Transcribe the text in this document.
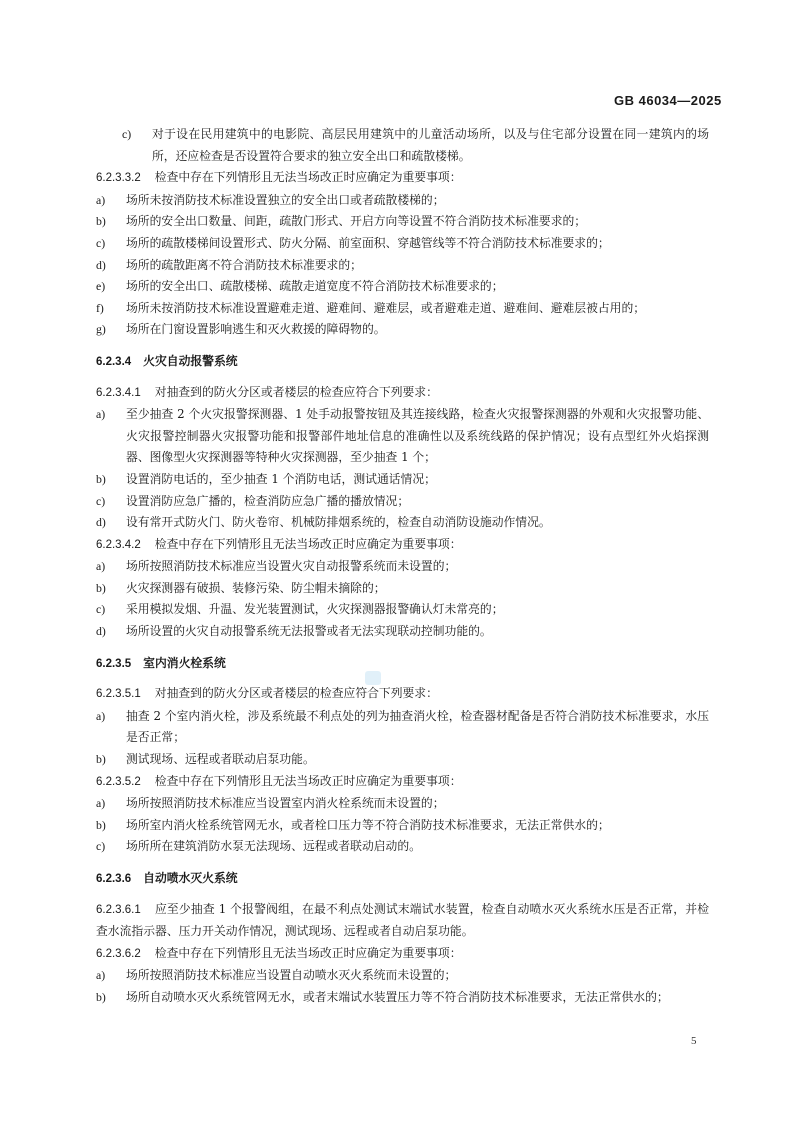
GB 46034—2025
c)	对于设在民用建筑中的电影院、高层民用建筑中的儿童活动场所，以及与住宅部分设置在同一建筑内的场所，还应检查是否设置符合要求的独立安全出口和疏散楼梯。
6.2.3.3.2 检查中存在下列情形且无法当场改正时应确定为重要事项：
a)	场所未按消防技术标准设置独立的安全出口或者疏散楼梯的；
b)	场所的安全出口数量、间距，疏散门形式、开启方向等设置不符合消防技术标准要求的；
c)	场所的疏散楼梯间设置形式、防火分隔、前室面积、穿越管线等不符合消防技术标准要求的；
d)	场所的疏散距离不符合消防技术标准要求的；
e)	场所的安全出口、疏散楼梯、疏散走道宽度不符合消防技术标准要求的；
f)	场所未按消防技术标准设置避难走道、避难间、避难层，或者避难走道、避难间、避难层被占用的；
g)	场所在门窗设置影响逃生和灭火救援的障碍物的。
6.2.3.4 火灾自动报警系统
6.2.3.4.1 对抽查到的防火分区或者楼层的检查应符合下列要求：
a)	至少抽查 2 个火灾报警探测器、1 处手动报警按钮及其连接线路，检查火灾报警探测器的外观和火灾报警功能、火灾报警控制器火灾报警功能和报警部件地址信息的准确性以及系统线路的保护情况；设有点型红外火焰探测器、图像型火灾探测器等特种火灾探测器，至少抽查 1 个；
b)	设置消防电话的，至少抽查 1 个消防电话，测试通话情况；
c)	设置消防应急广播的，检查消防应急广播的播放情况；
d)	设有常开式防火门、防火卷帘、机械防排烟系统的，检查自动消防设施动作情况。
6.2.3.4.2 检查中存在下列情形且无法当场改正时应确定为重要事项：
a)	场所按照消防技术标准应当设置火灾自动报警系统而未设置的；
b)	火灾探测器有破损、装修污染、防尘帽未摘除的；
c)	采用模拟发烟、升温、发光装置测试，火灾探测器报警确认灯未常亮的；
d)	场所设置的火灾自动报警系统无法报警或者无法实现联动控制功能的。
6.2.3.5 室内消火栓系统
6.2.3.5.1 对抽查到的防火分区或者楼层的检查应符合下列要求：
a)	抽查 2 个室内消火栓，涉及系统最不利点处的列为抽查消火栓，检查器材配备是否符合消防技术标准要求，水压是否正常；
b)	测试现场、远程或者联动启泵功能。
6.2.3.5.2 检查中存在下列情形且无法当场改正时应确定为重要事项：
a)	场所按照消防技术标准应当设置室内消火栓系统而未设置的；
b)	场所室内消火栓系统管网无水，或者栓口压力等不符合消防技术标准要求，无法正常供水的；
c)	场所所在建筑消防水泵无法现场、远程或者联动启动的。
6.2.3.6 自动喷水灭火系统
6.2.3.6.1 应至少抽查 1 个报警阀组，在最不利点处测试末端试水装置，检查自动喷水灭火系统水压是否正常，并检查水流指示器、压力开关动作情况，测试现场、远程或者自动启泵功能。
6.2.3.6.2 检查中存在下列情形且无法当场改正时应确定为重要事项：
a)	场所按照消防技术标准应当设置自动喷水灭火系统而未设置的；
b)	场所自动喷水灭火系统管网无水，或者末端试水装置压力等不符合消防技术标准要求，无法正常供水的；
5
